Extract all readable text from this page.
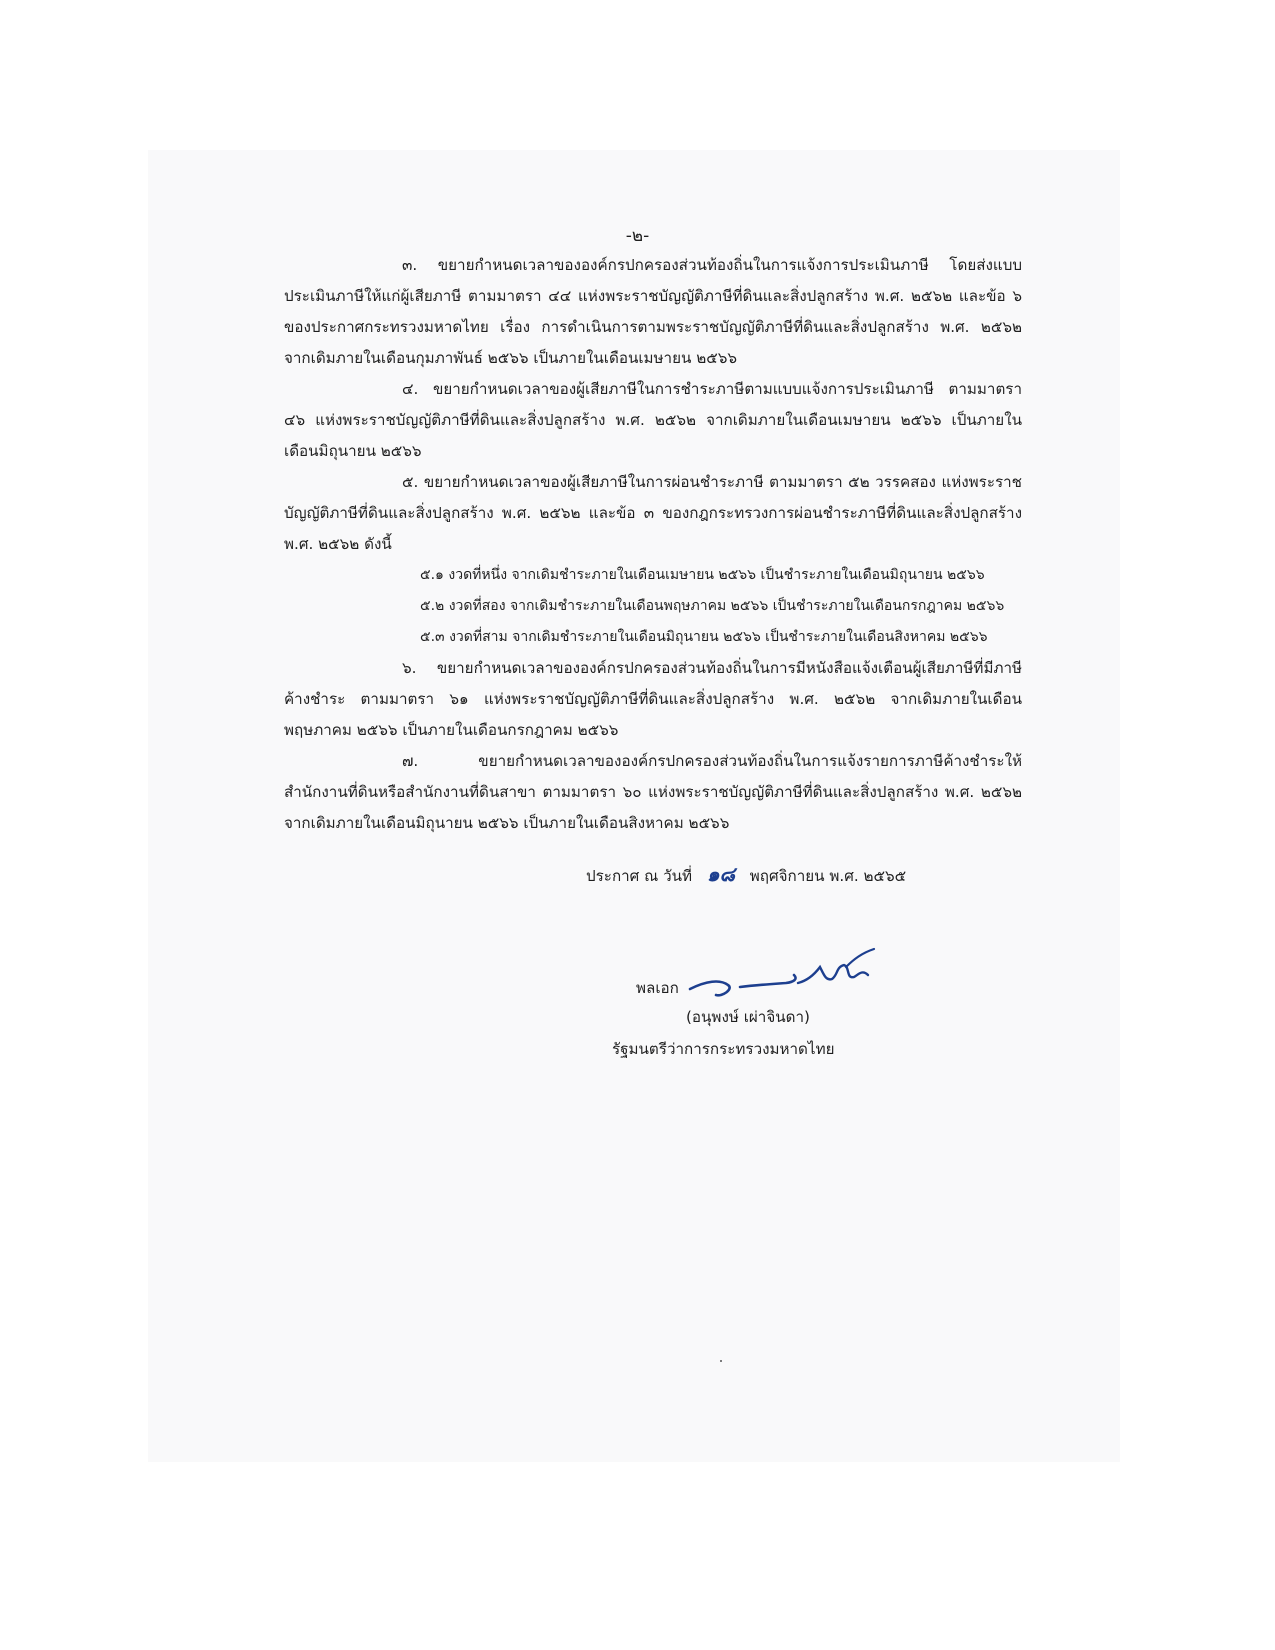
-๒-

๓. ขยายกำหนดเวลาขององค์กรปกครองส่วนท้องถิ่นในการแจ้งการประเมินภาษี โดยส่งแบบประเมินภาษีให้แก่ผู้เสียภาษี ตามมาตรา ๔๔ แห่งพระราชบัญญัติภาษีที่ดินและสิ่งปลูกสร้าง พ.ศ. ๒๕๖๒ และข้อ ๖ ของประกาศกระทรวงมหาดไทย เรื่อง การดำเนินการตามพระราชบัญญัติภาษีที่ดินและสิ่งปลูกสร้าง พ.ศ. ๒๕๖๒ จากเดิมภายในเดือนกุมภาพันธ์ ๒๕๖๖ เป็นภายในเดือนเมษายน ๒๕๖๖

๔. ขยายกำหนดเวลาของผู้เสียภาษีในการชำระภาษีตามแบบแจ้งการประเมินภาษี ตามมาตรา ๔๖ แห่งพระราชบัญญัติภาษีที่ดินและสิ่งปลูกสร้าง พ.ศ. ๒๕๖๒ จากเดิมภายในเดือนเมษายน ๒๕๖๖ เป็นภายในเดือนมิถุนายน ๒๕๖๖

๕. ขยายกำหนดเวลาของผู้เสียภาษีในการผ่อนชำระภาษี ตามมาตรา ๕๒ วรรคสอง แห่งพระราชบัญญัติภาษีที่ดินและสิ่งปลูกสร้าง พ.ศ. ๒๕๖๒ และข้อ ๓ ของกฎกระทรวงการผ่อนชำระภาษีที่ดินและสิ่งปลูกสร้าง พ.ศ. ๒๕๖๒ ดังนี้

๕.๑ งวดที่หนึ่ง จากเดิมชำระภายในเดือนเมษายน ๒๕๖๖ เป็นชำระภายในเดือนมิถุนายน ๒๕๖๖

๕.๒ งวดที่สอง จากเดิมชำระภายในเดือนพฤษภาคม ๒๕๖๖ เป็นชำระภายในเดือนกรกฎาคม ๒๕๖๖

๕.๓ งวดที่สาม จากเดิมชำระภายในเดือนมิถุนายน ๒๕๖๖ เป็นชำระภายในเดือนสิงหาคม ๒๕๖๖

๖. ขยายกำหนดเวลาขององค์กรปกครองส่วนท้องถิ่นในการมีหนังสือแจ้งเตือนผู้เสียภาษีที่มีภาษีค้างชำระ ตามมาตรา ๖๑ แห่งพระราชบัญญัติภาษีที่ดินและสิ่งปลูกสร้าง พ.ศ. ๒๕๖๒ จากเดิมภายในเดือนพฤษภาคม ๒๕๖๖ เป็นภายในเดือนกรกฎาคม ๒๕๖๖

๗. ขยายกำหนดเวลาขององค์กรปกครองส่วนท้องถิ่นในการแจ้งรายการภาษีค้างชำระให้สำนักงานที่ดินหรือสำนักงานที่ดินสาขา ตามมาตรา ๖๐ แห่งพระราชบัญญัติภาษีที่ดินและสิ่งปลูกสร้าง พ.ศ. ๒๕๖๒ จากเดิมภายในเดือนมิถุนายน ๒๕๖๖ เป็นภายในเดือนสิงหาคม ๒๕๖๖

ประกาศ ณ วันที่ ๑๘ พฤศจิกายน พ.ศ. ๒๕๖๕
พลเอก
(อนุพงษ์ เผ่าจินดา)
รัฐมนตรีว่าการกระทรวงมหาดไทย
